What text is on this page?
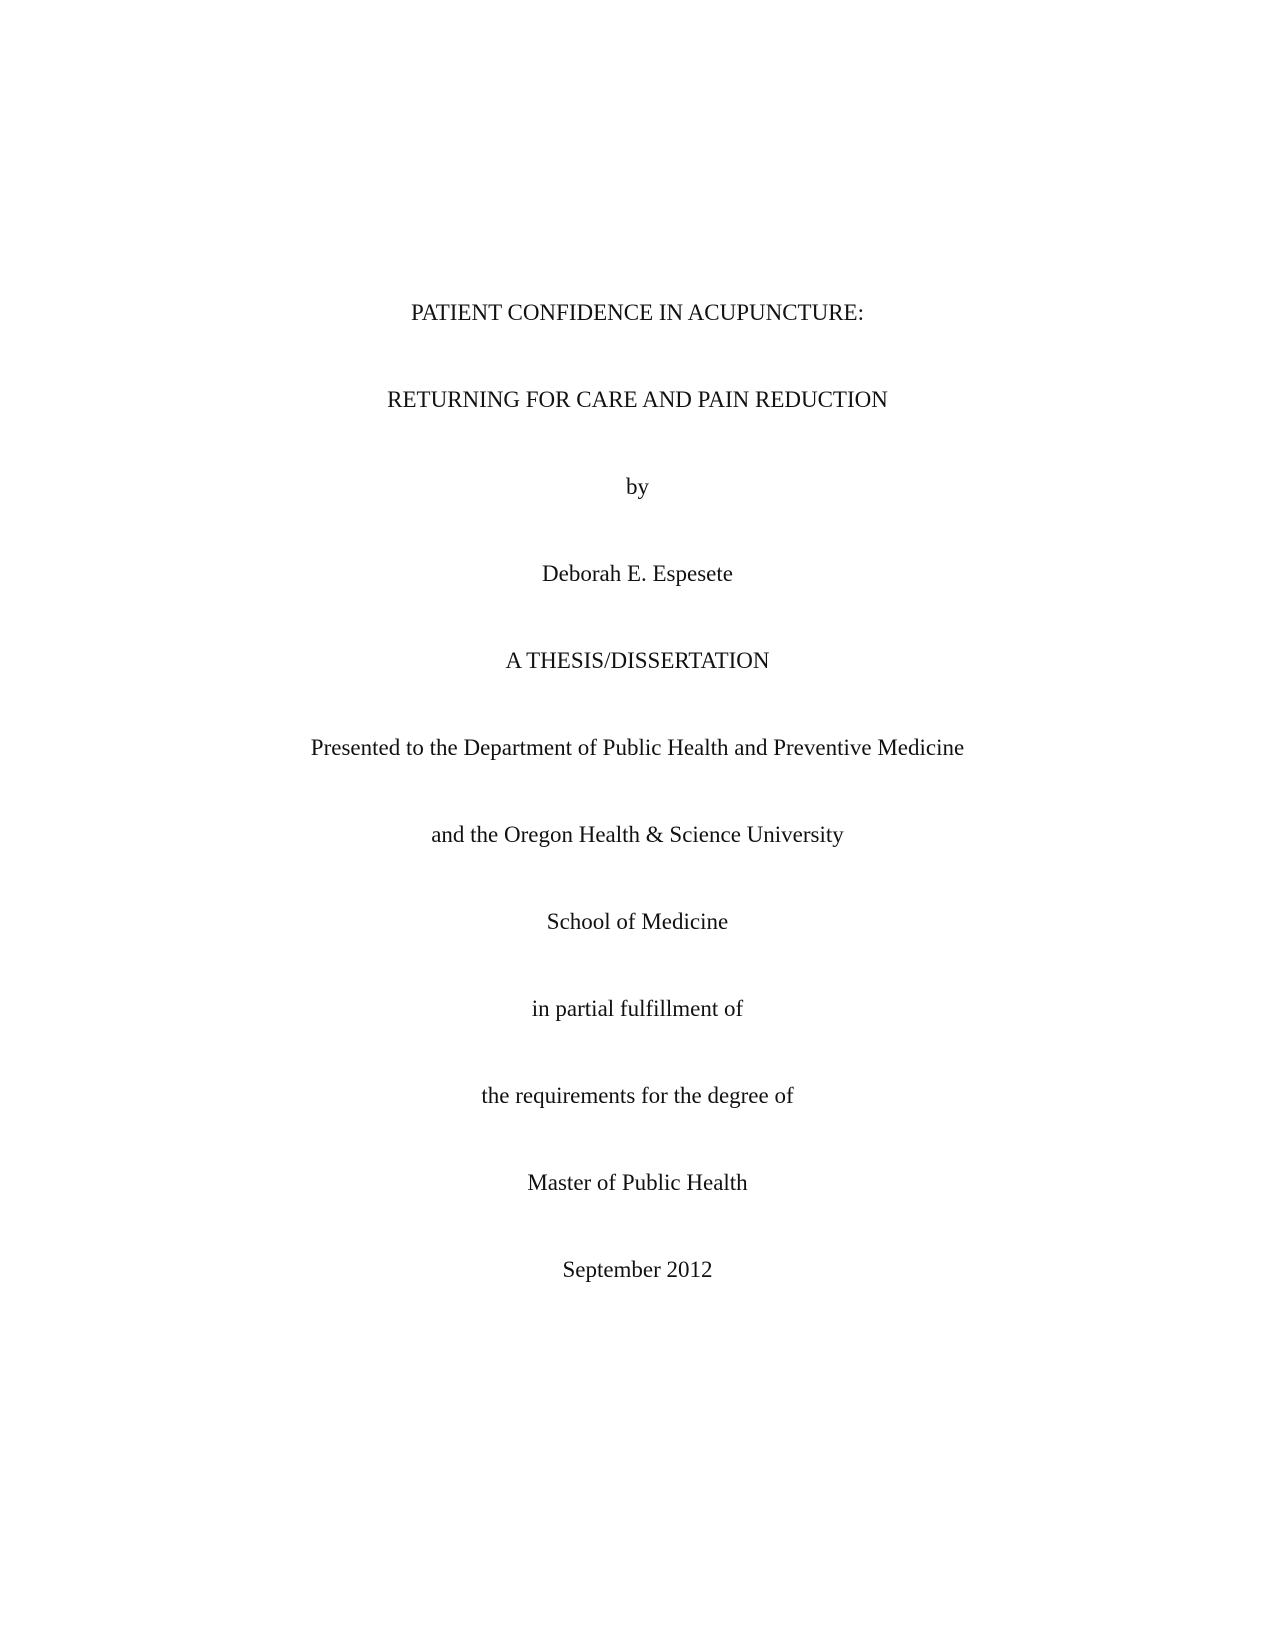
PATIENT CONFIDENCE IN ACUPUNCTURE:
RETURNING FOR CARE AND PAIN REDUCTION
by
Deborah E. Espesete
A THESIS/DISSERTATION
Presented to the Department of Public Health and Preventive Medicine
and the Oregon Health & Science University
School of Medicine
in partial fulfillment of
the requirements for the degree of
Master of Public Health
September 2012
